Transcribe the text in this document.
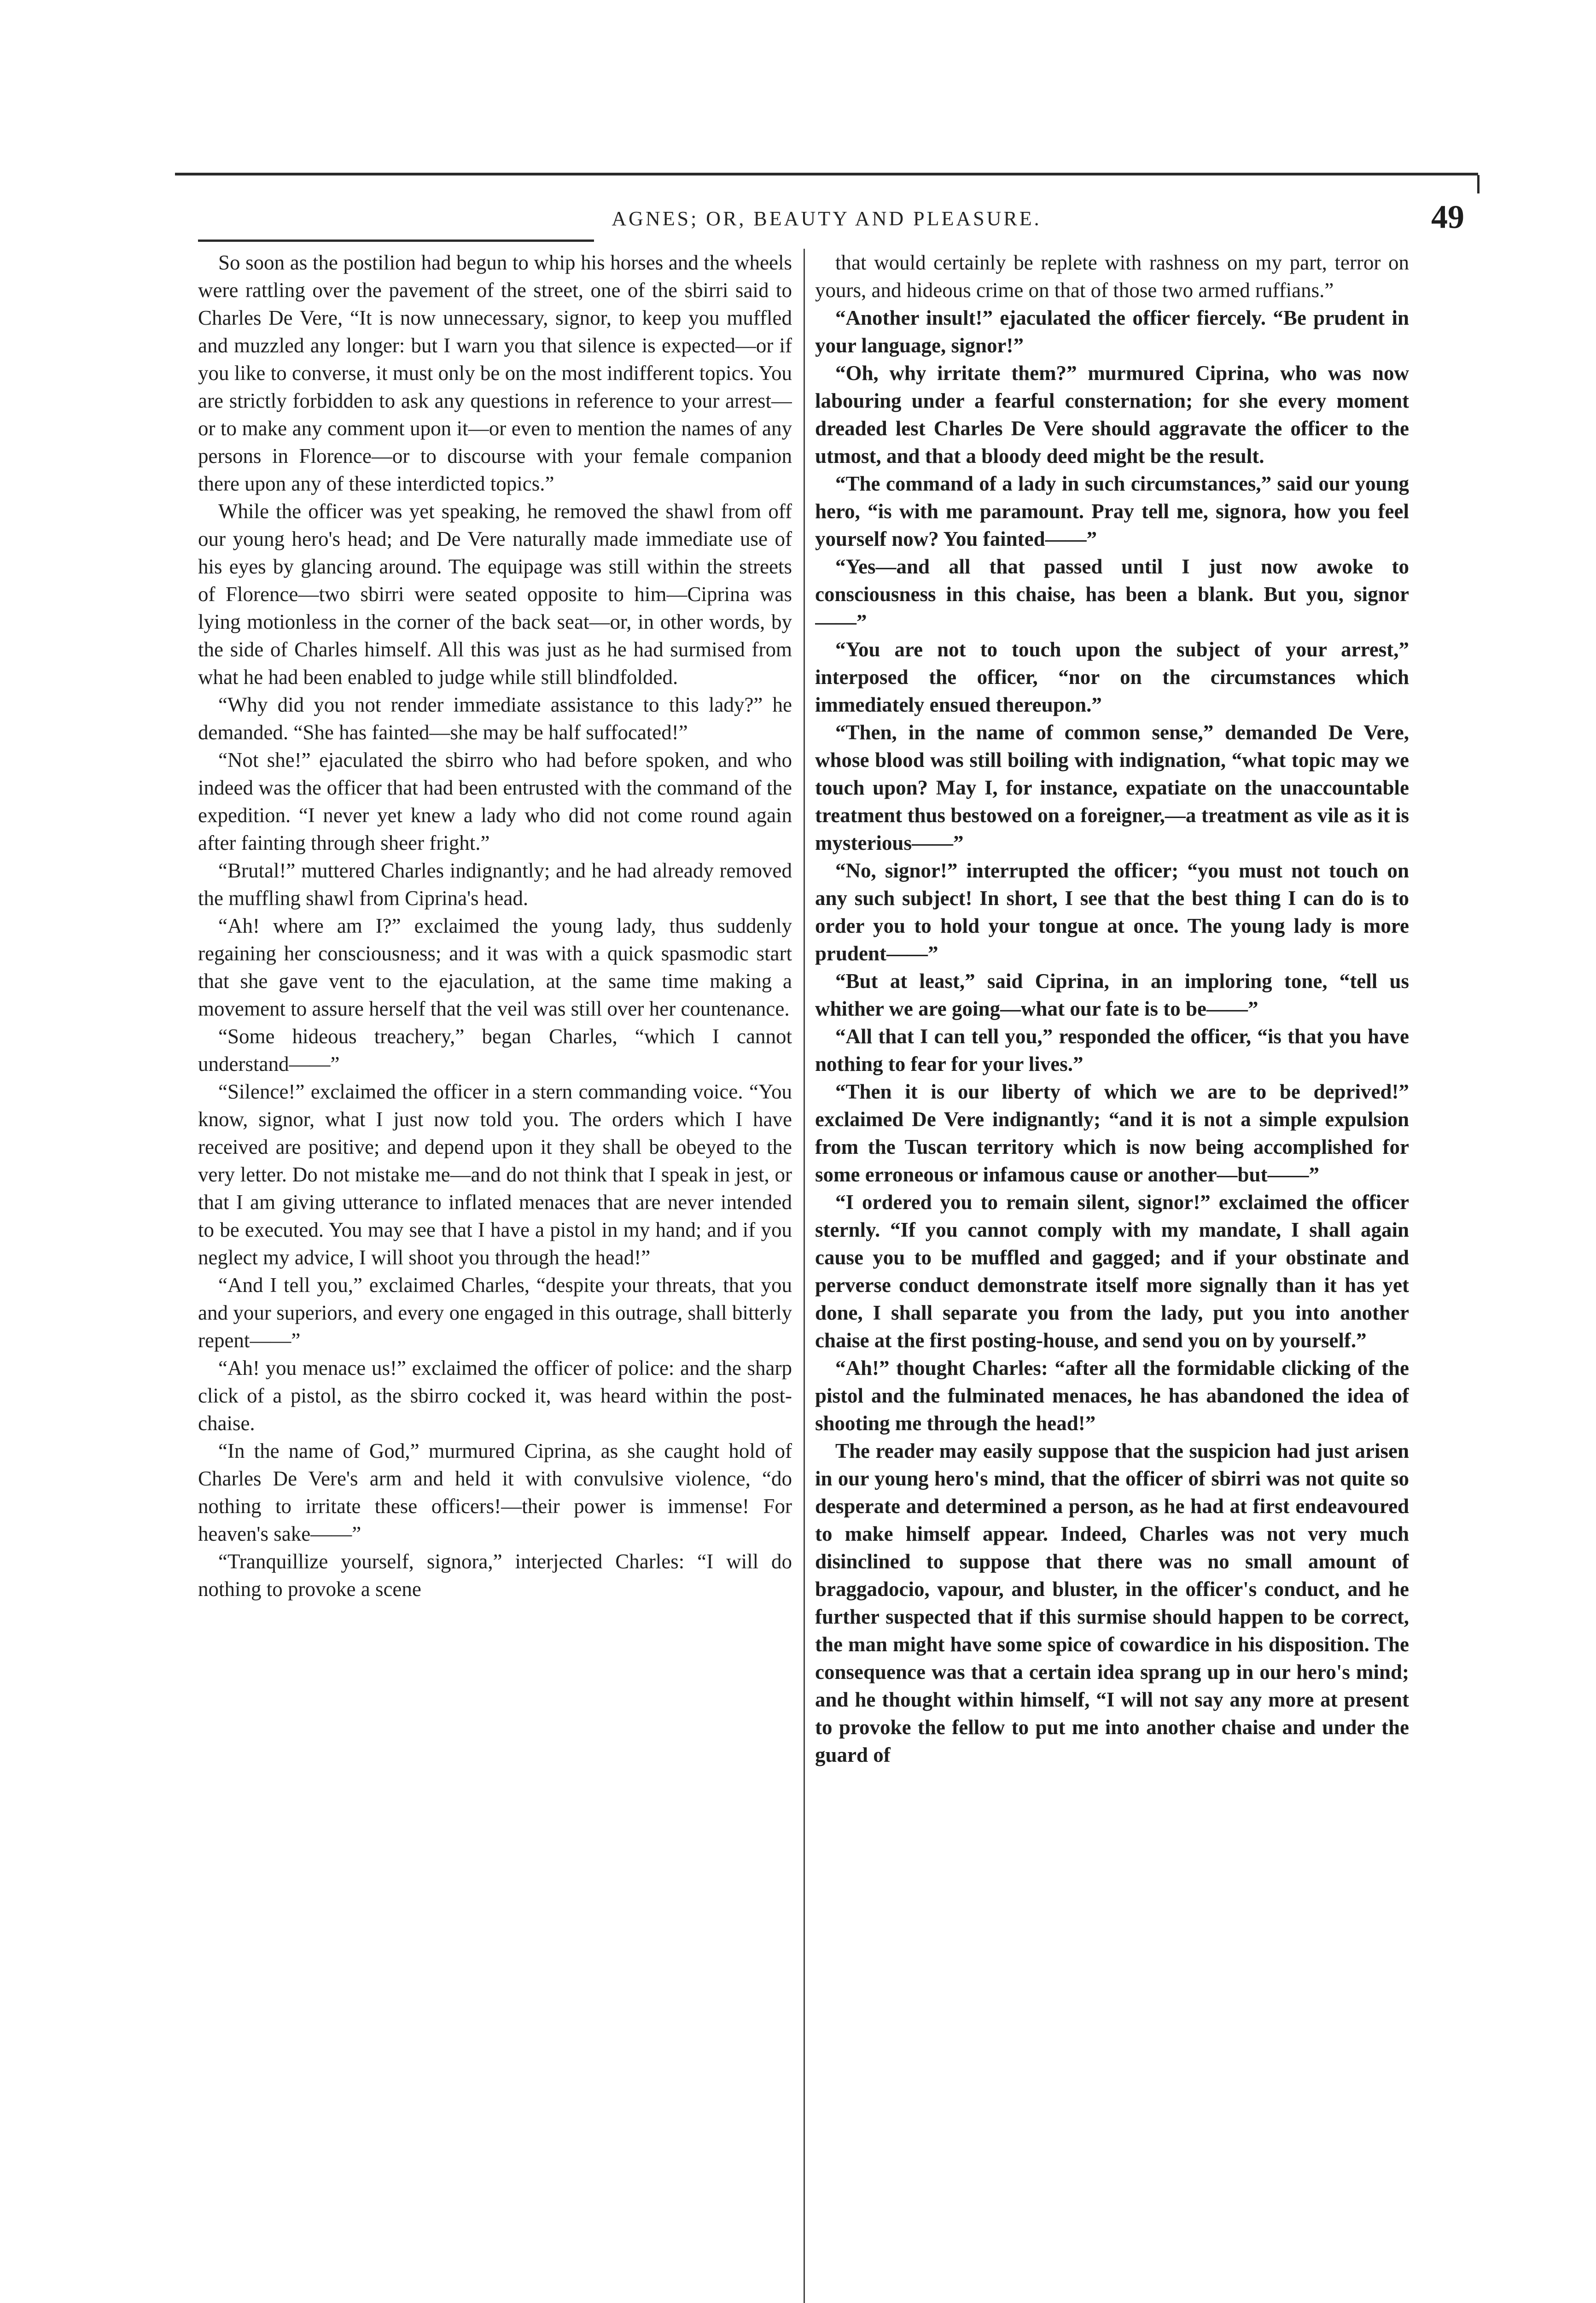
AGNES; OR, BEAUTY AND PLEASURE.	49

So soon as the postilion had begun to whip his horses and the wheels were rattling over the pavement of the street, one of the sbirri said to Charles De Vere, “It is now unnecessary, signor, to keep you muffled and muzzled any longer: but I warn you that silence is expected—or if you like to converse, it must only be on the most indifferent topics. You are strictly forbidden to ask any questions in reference to your arrest—or to make any comment upon it—or even to mention the names of any persons in Florence—or to discourse with your female companion there upon any of these interdicted topics.”

While the officer was yet speaking, he removed the shawl from off our young hero's head; and De Vere naturally made immediate use of his eyes by glancing around. The equipage was still within the streets of Florence—two sbirri were seated opposite to him—Ciprina was lying motionless in the corner of the back seat—or, in other words, by the side of Charles himself. All this was just as he had surmised from what he had been enabled to judge while still blindfolded.

“Why did you not render immediate assistance to this lady?” he demanded. “She has fainted—she may be half suffocated!”

“Not she!” ejaculated the sbirro who had before spoken, and who indeed was the officer that had been entrusted with the command of the expedition. “I never yet knew a lady who did not come round again after fainting through sheer fright.”

“Brutal!” muttered Charles indignantly; and he had already removed the muffling shawl from Ciprina's head.

“Ah! where am I?” exclaimed the young lady, thus suddenly regaining her consciousness; and it was with a quick spasmodic start that she gave vent to the ejaculation, at the same time making a movement to assure herself that the veil was still over her countenance.

“Some hideous treachery,” began Charles, “which I cannot understand——”

“Silence!” exclaimed the officer in a stern commanding voice. “You know, signor, what I just now told you. The orders which I have received are positive; and depend upon it they shall be obeyed to the very letter. Do not mistake me—and do not think that I speak in jest, or that I am giving utterance to inflated menaces that are never intended to be executed. You may see that I have a pistol in my hand; and if you neglect my advice, I will shoot you through the head!”

“And I tell you,” exclaimed Charles, “despite your threats, that you and your superiors, and every one engaged in this outrage, shall bitterly repent——”

“Ah! you menace us!” exclaimed the officer of police: and the sharp click of a pistol, as the sbirro cocked it, was heard within the post-chaise.

“In the name of God,” murmured Ciprina, as she caught hold of Charles De Vere's arm and held it with convulsive violence, “do nothing to irritate these officers!—their power is immense! For heaven's sake——”

“Tranquillize yourself, signora,” interjected Charles: “I will do nothing to provoke a scene

that would certainly be replete with rashness on my part, terror on yours, and hideous crime on that of those two armed ruffians.”

“Another insult!” ejaculated the officer fiercely. “Be prudent in your language, signor!”

“Oh, why irritate them?” murmured Ciprina, who was now labouring under a fearful consternation; for she every moment dreaded lest Charles De Vere should aggravate the officer to the utmost, and that a bloody deed might be the result.

“The command of a lady in such circumstances,” said our young hero, “is with me paramount. Pray tell me, signora, how you feel yourself now? You fainted——”

“Yes—and all that passed until I just now awoke to consciousness in this chaise, has been a blank. But you, signor——”

“You are not to touch upon the subject of your arrest,” interposed the officer, “nor on the circumstances which immediately ensued thereupon.”

“Then, in the name of common sense,” demanded De Vere, whose blood was still boiling with indignation, “what topic may we touch upon? May I, for instance, expatiate on the unaccountable treatment thus bestowed on a foreigner,—a treatment as vile as it is mysterious——”

“No, signor!” interrupted the officer; “you must not touch on any such subject! In short, I see that the best thing I can do is to order you to hold your tongue at once. The young lady is more prudent——”

“But at least,” said Ciprina, in an imploring tone, “tell us whither we are going—what our fate is to be——”

“All that I can tell you,” responded the officer, “is that you have nothing to fear for your lives.”

“Then it is our liberty of which we are to be deprived!” exclaimed De Vere indignantly; “and it is not a simple expulsion from the Tuscan territory which is now being accomplished for some erroneous or infamous cause or another—but——”

“I ordered you to remain silent, signor!” exclaimed the officer sternly. “If you cannot comply with my mandate, I shall again cause you to be muffled and gagged; and if your obstinate and perverse conduct demonstrate itself more signally than it has yet done, I shall separate you from the lady, put you into another chaise at the first posting-house, and send you on by yourself.”

“Ah!” thought Charles: “after all the formidable clicking of the pistol and the fulminated menaces, he has abandoned the idea of shooting me through the head!”

The reader may easily suppose that the suspicion had just arisen in our young hero's mind, that the officer of sbirri was not quite so desperate and determined a person, as he had at first endeavoured to make himself appear. Indeed, Charles was not very much disinclined to suppose that there was no small amount of braggadocio, vapour, and bluster, in the officer's conduct, and he further suspected that if this surmise should happen to be correct, the man might have some spice of cowardice in his disposition. The consequence was that a certain idea sprang up in our hero's mind; and he thought within himself, “I will not say any more at present to provoke the fellow to put me into another chaise and under the guard of
